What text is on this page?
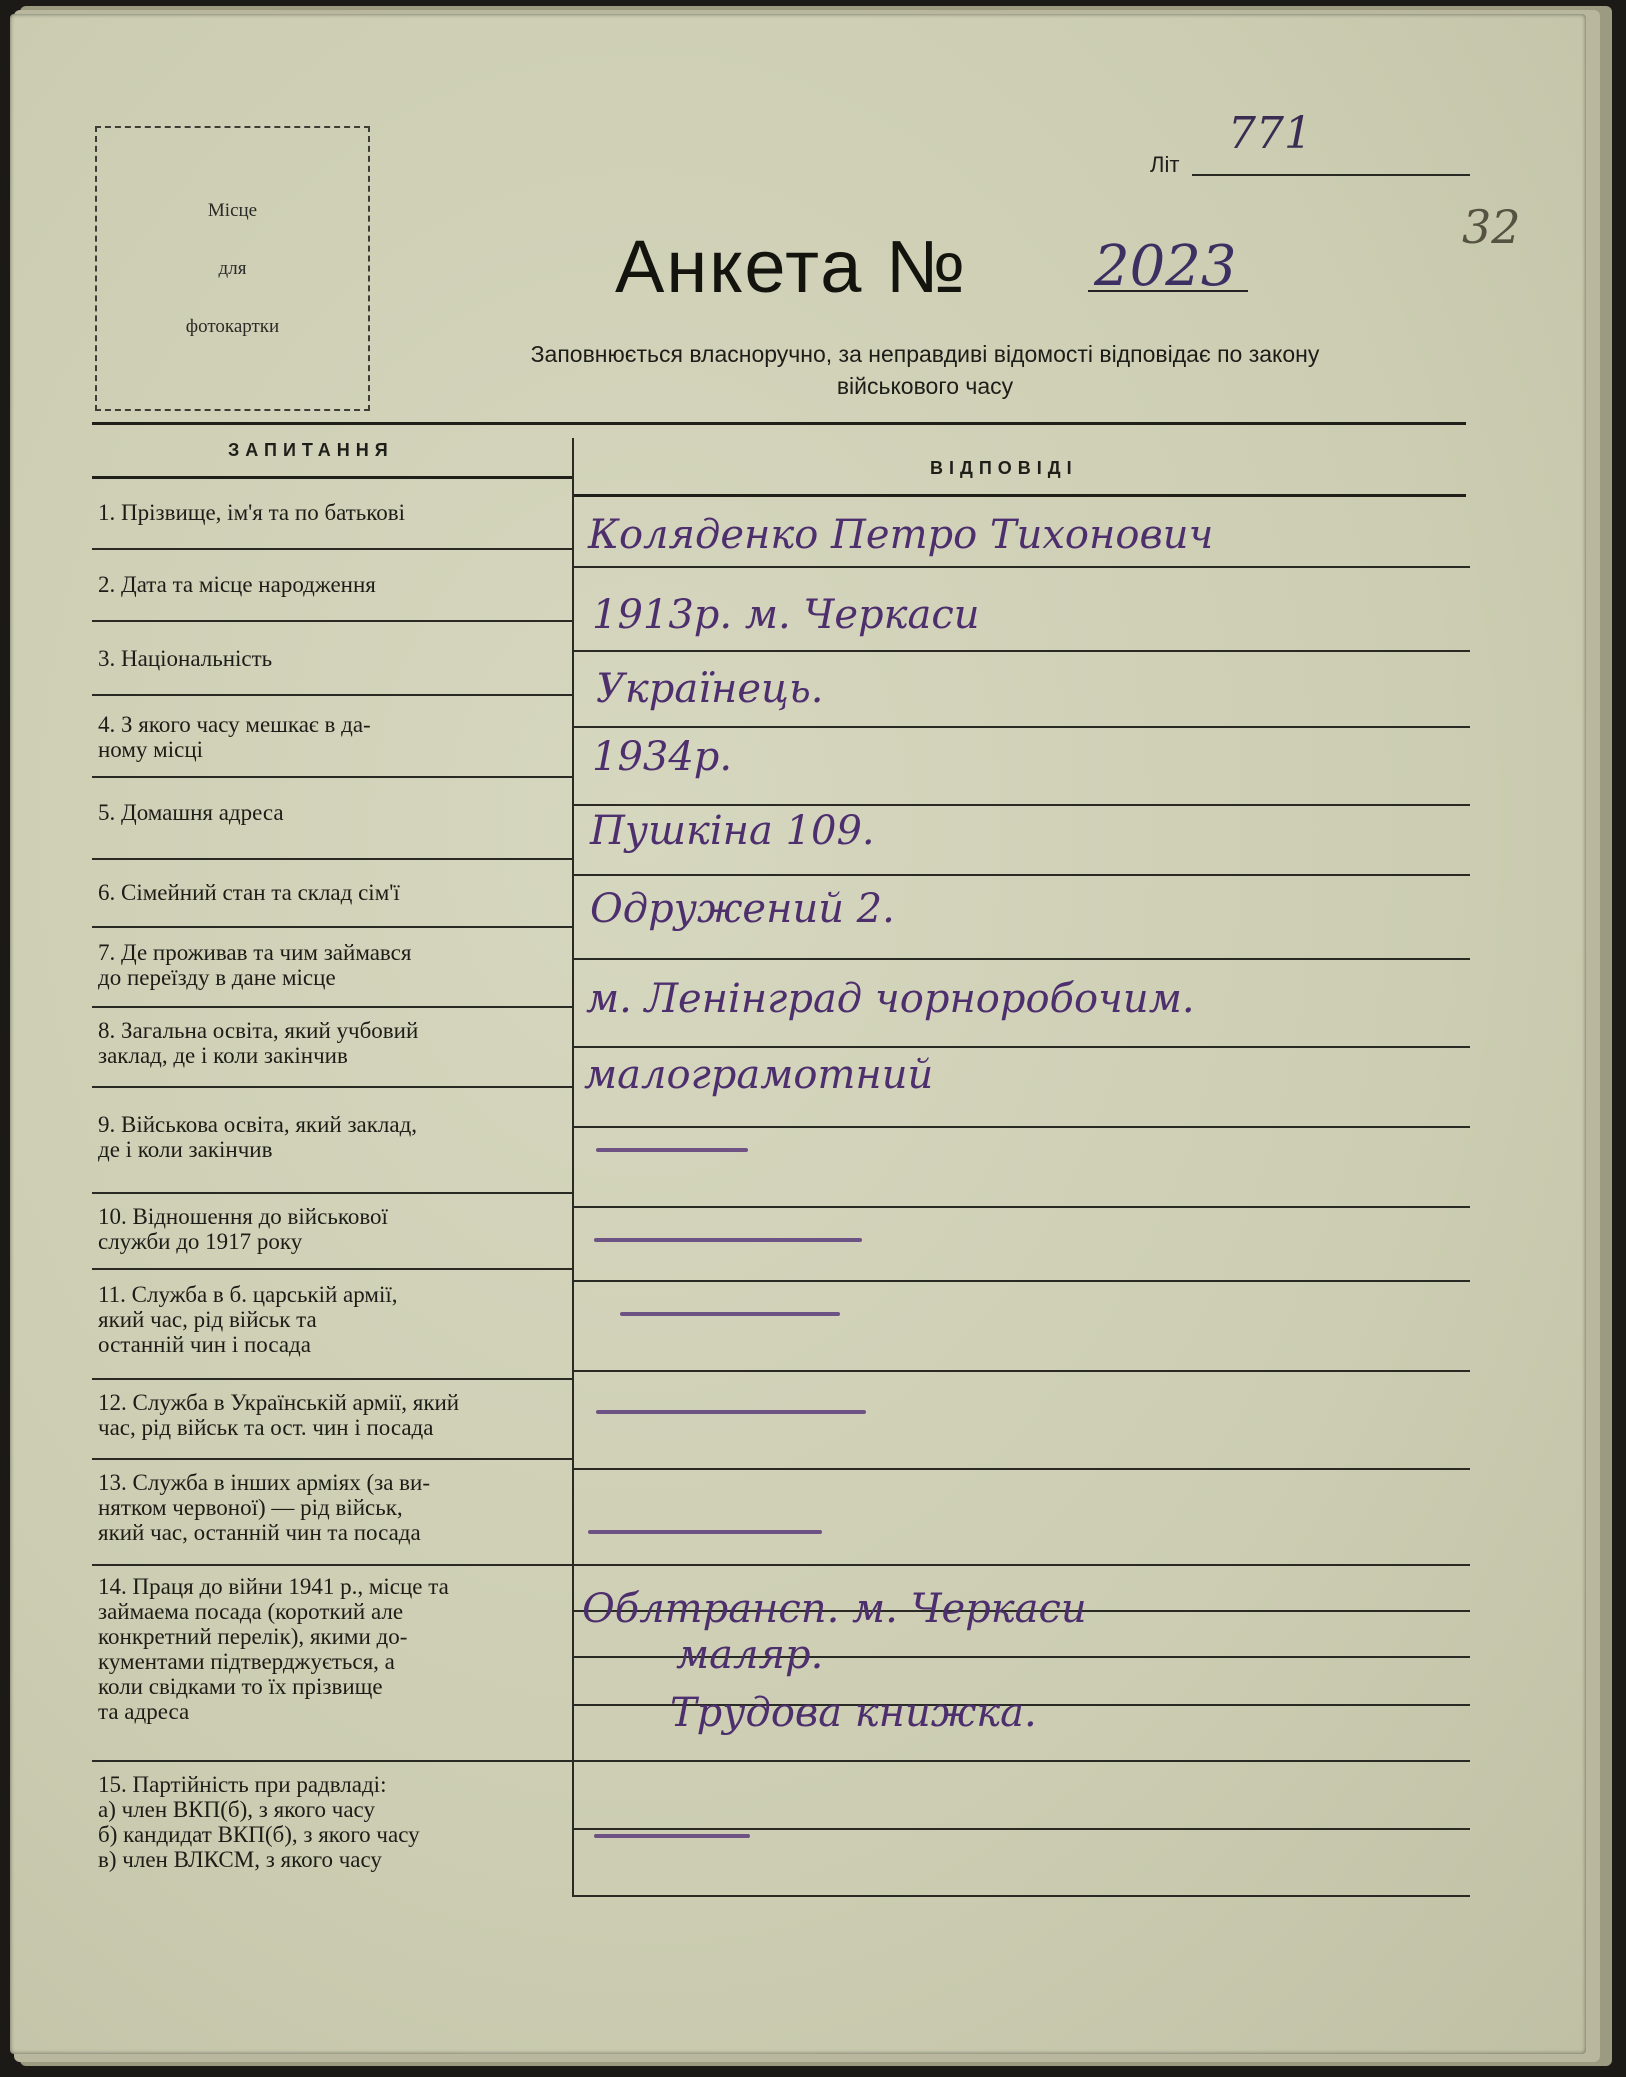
Місце
для
фотокартки
Літ
771
32
Анкета № 2023
Заповнюється власноручно, за неправдиві відомості відповідає по закону
військового часу
ЗАПИТАННЯ
ВІДПОВІДІ
1. Прізвище, ім'я та по батькові
2. Дата та місце народження
3. Національність
4. З якого часу мешкає в да-
ному місці
5. Домашня адреса
6. Сімейний стан та склад сім'ї
7. Де проживав та чим займався
до переїзду в дане місце
8. Загальна освіта, який учбовий
заклад, де і коли закінчив
9. Військова освіта, який заклад,
де і коли закінчив
10. Відношення до військової
служби до 1917 року
11. Служба в б. царській армії,
який час, рід військ та
останній чин і посада
12. Служба в Українській армії, який
час, рід військ та ост. чин і посада
13. Служба в інших арміях (за ви-
нятком червоної) — рід військ,
який час, останній чин та посада
14. Праця до війни 1941 р., місце та
займаема посада (короткий але
конкретний перелік), якими до-
кументами підтверджується, а
коли свідками то їх прізвище
та адреса
15. Партійність при радвладі:
а) член ВКП(б), з якого часу
б) кандидат ВКП(б), з якого часу
в) член ВЛКСМ, з якого часу
Коляденко Петро Тихонович
1913р. м. Черкаси
Українець.
1934р.
Пушкіна 109.
Одружений 2.
м. Ленінград чорноробочим.
малограмотний
Облтрансп. м. Черкаси
маляр.
Трудова книжка.
